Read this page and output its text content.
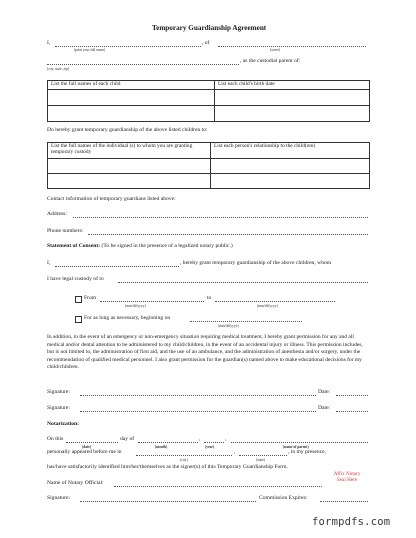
Temporary Guardianship Agreement
I,	, of
(print your full name)	(street)
, as the custodial parent of:
(city, state, zip)
List the full names of each child	List each child's birth date

Do hereby grant temporary guardianship of the above listed children to:
List the full names of the individual (s) to whom you are granting temporary custody	List each person's relationship to the child(ren)

Contact information of temporary guardians listed above:
Address:
Phone numbers:
Statement of Consent: (To be signed in the presence of a legalized notary public.)
I,	, hereby grant temporary guardianship of the above children, whom
I have legal custody of to
From	to
(mm/dd/yyyy)	(mm/dd/yyyy)
For as long as necessary, beginning on
(mm/dd/yyyy)
In addition, in the event of an emergency or non-emergency situation requiring medical treatment, I hereby grant permission for any and all medical and/or dental attention to be administered to my child/children, in the event of an accidental injury or illness. This permission includes, but is not limited to, the administration of first aid, and the use of an ambulance, and the administration of anesthesia and/or surgery, under the recommendation of qualified medical personnel. I also grant permission for the guardian(s) named above to make educational decisions for my child/children.
Signature:	Date:
Signature:	Date:
Notarization:
On this	day of	,	,
(date)	(month)	(year)	(name of parent)
personally appeared before me in	,	, in my presence,
(city)	(state)
has/have satisfactorily identified him/her/themselves as the signer(s) of this Temporary Guardianship Form.
Name of Notary Official:
Affix Notary
Seal Here
Signature:	Commission Expires:
formpdfs.com
